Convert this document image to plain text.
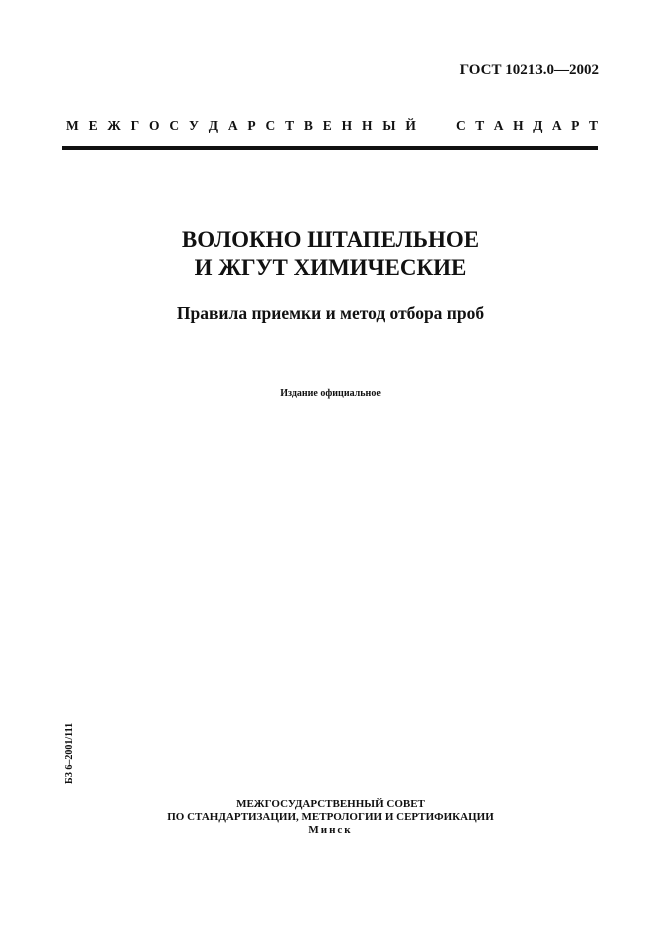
ГОСТ 10213.0—2002
М Е Ж Г О С У Д А Р С Т В Е Н Н Ы Й	С Т А Н Д А Р Т
ВОЛОКНО ШТАПЕЛЬНОЕ
И ЖГУТ ХИМИЧЕСКИЕ
Правила приемки и метод отбора проб
Издание официальное
БЗ 6–2001/111
МЕЖГОСУДАРСТВЕННЫЙ СОВЕТ
ПО СТАНДАРТИЗАЦИИ, МЕТРОЛОГИИ И СЕРТИФИКАЦИИ
Минск
